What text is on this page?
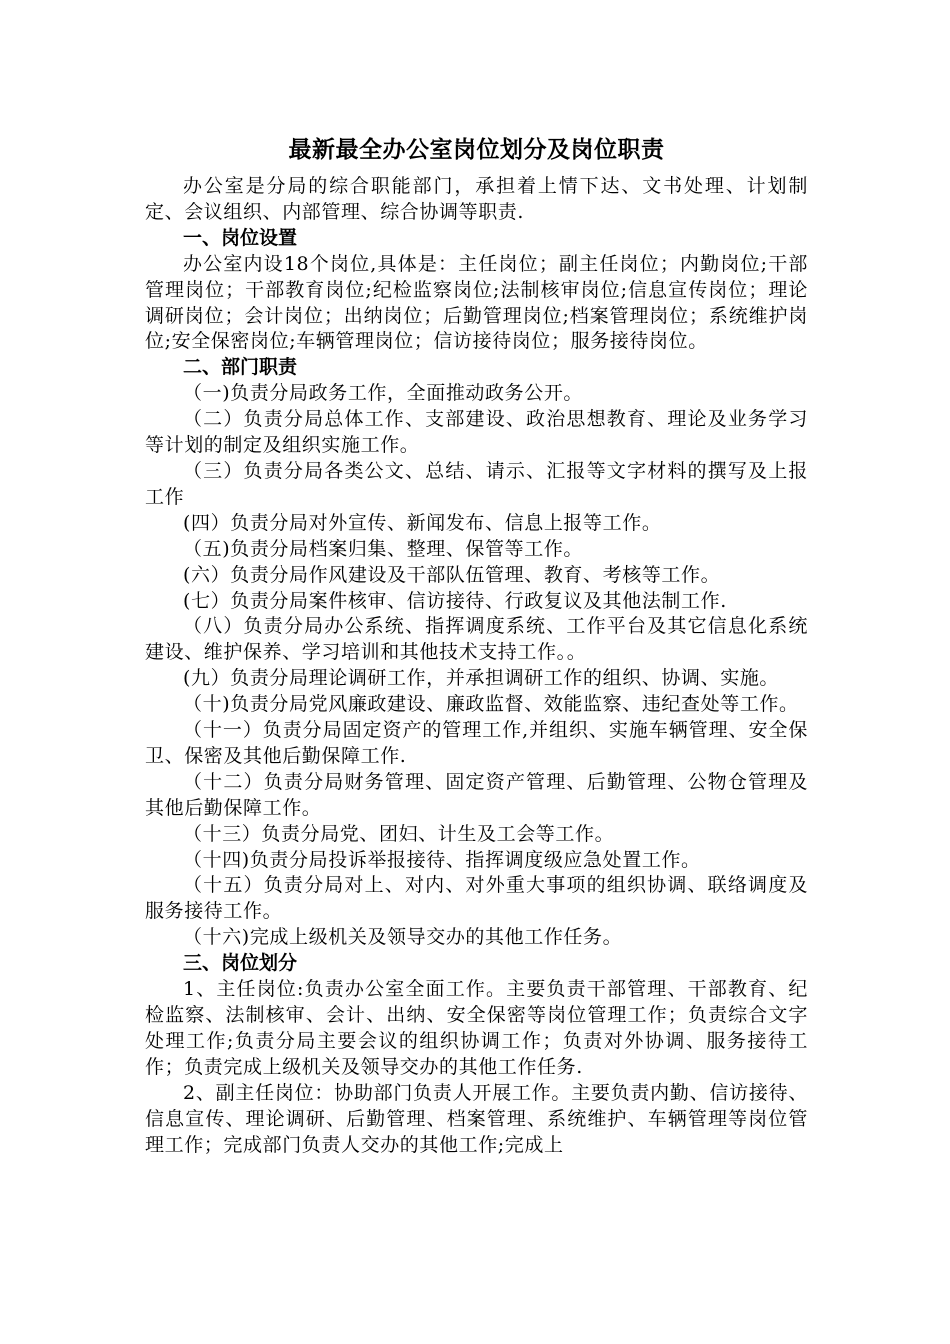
最新最全办公室岗位划分及岗位职责

办公室是分局的综合职能部门，承担着上情下达、文书处理、计划制定、会议组织、内部管理、综合协调等职责.

一、岗位设置

办公室内设18个岗位,具体是：主任岗位；副主任岗位；内勤岗位;干部管理岗位；干部教育岗位;纪检监察岗位;法制核审岗位;信息宣传岗位；理论调研岗位；会计岗位；出纳岗位；后勤管理岗位;档案管理岗位；系统维护岗位;安全保密岗位;车辆管理岗位；信访接待岗位；服务接待岗位。

二、部门职责

（一)负责分局政务工作，全面推动政务公开。

（二）负责分局总体工作、支部建设、政治思想教育、理论及业务学习等计划的制定及组织实施工作。

（三）负责分局各类公文、总结、请示、汇报等文字材料的撰写及上报工作

(四）负责分局对外宣传、新闻发布、信息上报等工作。

（五)负责分局档案归集、整理、保管等工作。

(六）负责分局作风建设及干部队伍管理、教育、考核等工作。

(七）负责分局案件核审、信访接待、行政复议及其他法制工作.

（八）负责分局办公系统、指挥调度系统、工作平台及其它信息化系统建设、维护保养、学习培训和其他技术支持工作。。

(九）负责分局理论调研工作，并承担调研工作的组织、协调、实施。

（十)负责分局党风廉政建设、廉政监督、效能监察、违纪查处等工作。

（十一）负责分局固定资产的管理工作,并组织、实施车辆管理、安全保卫、保密及其他后勤保障工作.

（十二）负责分局财务管理、固定资产管理、后勤管理、公物仓管理及其他后勤保障工作。

（十三）负责分局党、团妇、计生及工会等工作。

（十四)负责分局投诉举报接待、指挥调度级应急处置工作。

（十五）负责分局对上、对内、对外重大事项的组织协调、联络调度及服务接待工作。

（十六)完成上级机关及领导交办的其他工作任务。

三、岗位划分

1、主任岗位:负责办公室全面工作。主要负责干部管理、干部教育、纪检监察、法制核审、会计、出纳、安全保密等岗位管理工作；负责综合文字处理工作;负责分局主要会议的组织协调工作；负责对外协调、服务接待工作；负责完成上级机关及领导交办的其他工作任务.

2、副主任岗位：协助部门负责人开展工作。主要负责内勤、信访接待、信息宣传、理论调研、后勤管理、档案管理、系统维护、车辆管理等岗位管理工作；完成部门负责人交办的其他工作;完成上
